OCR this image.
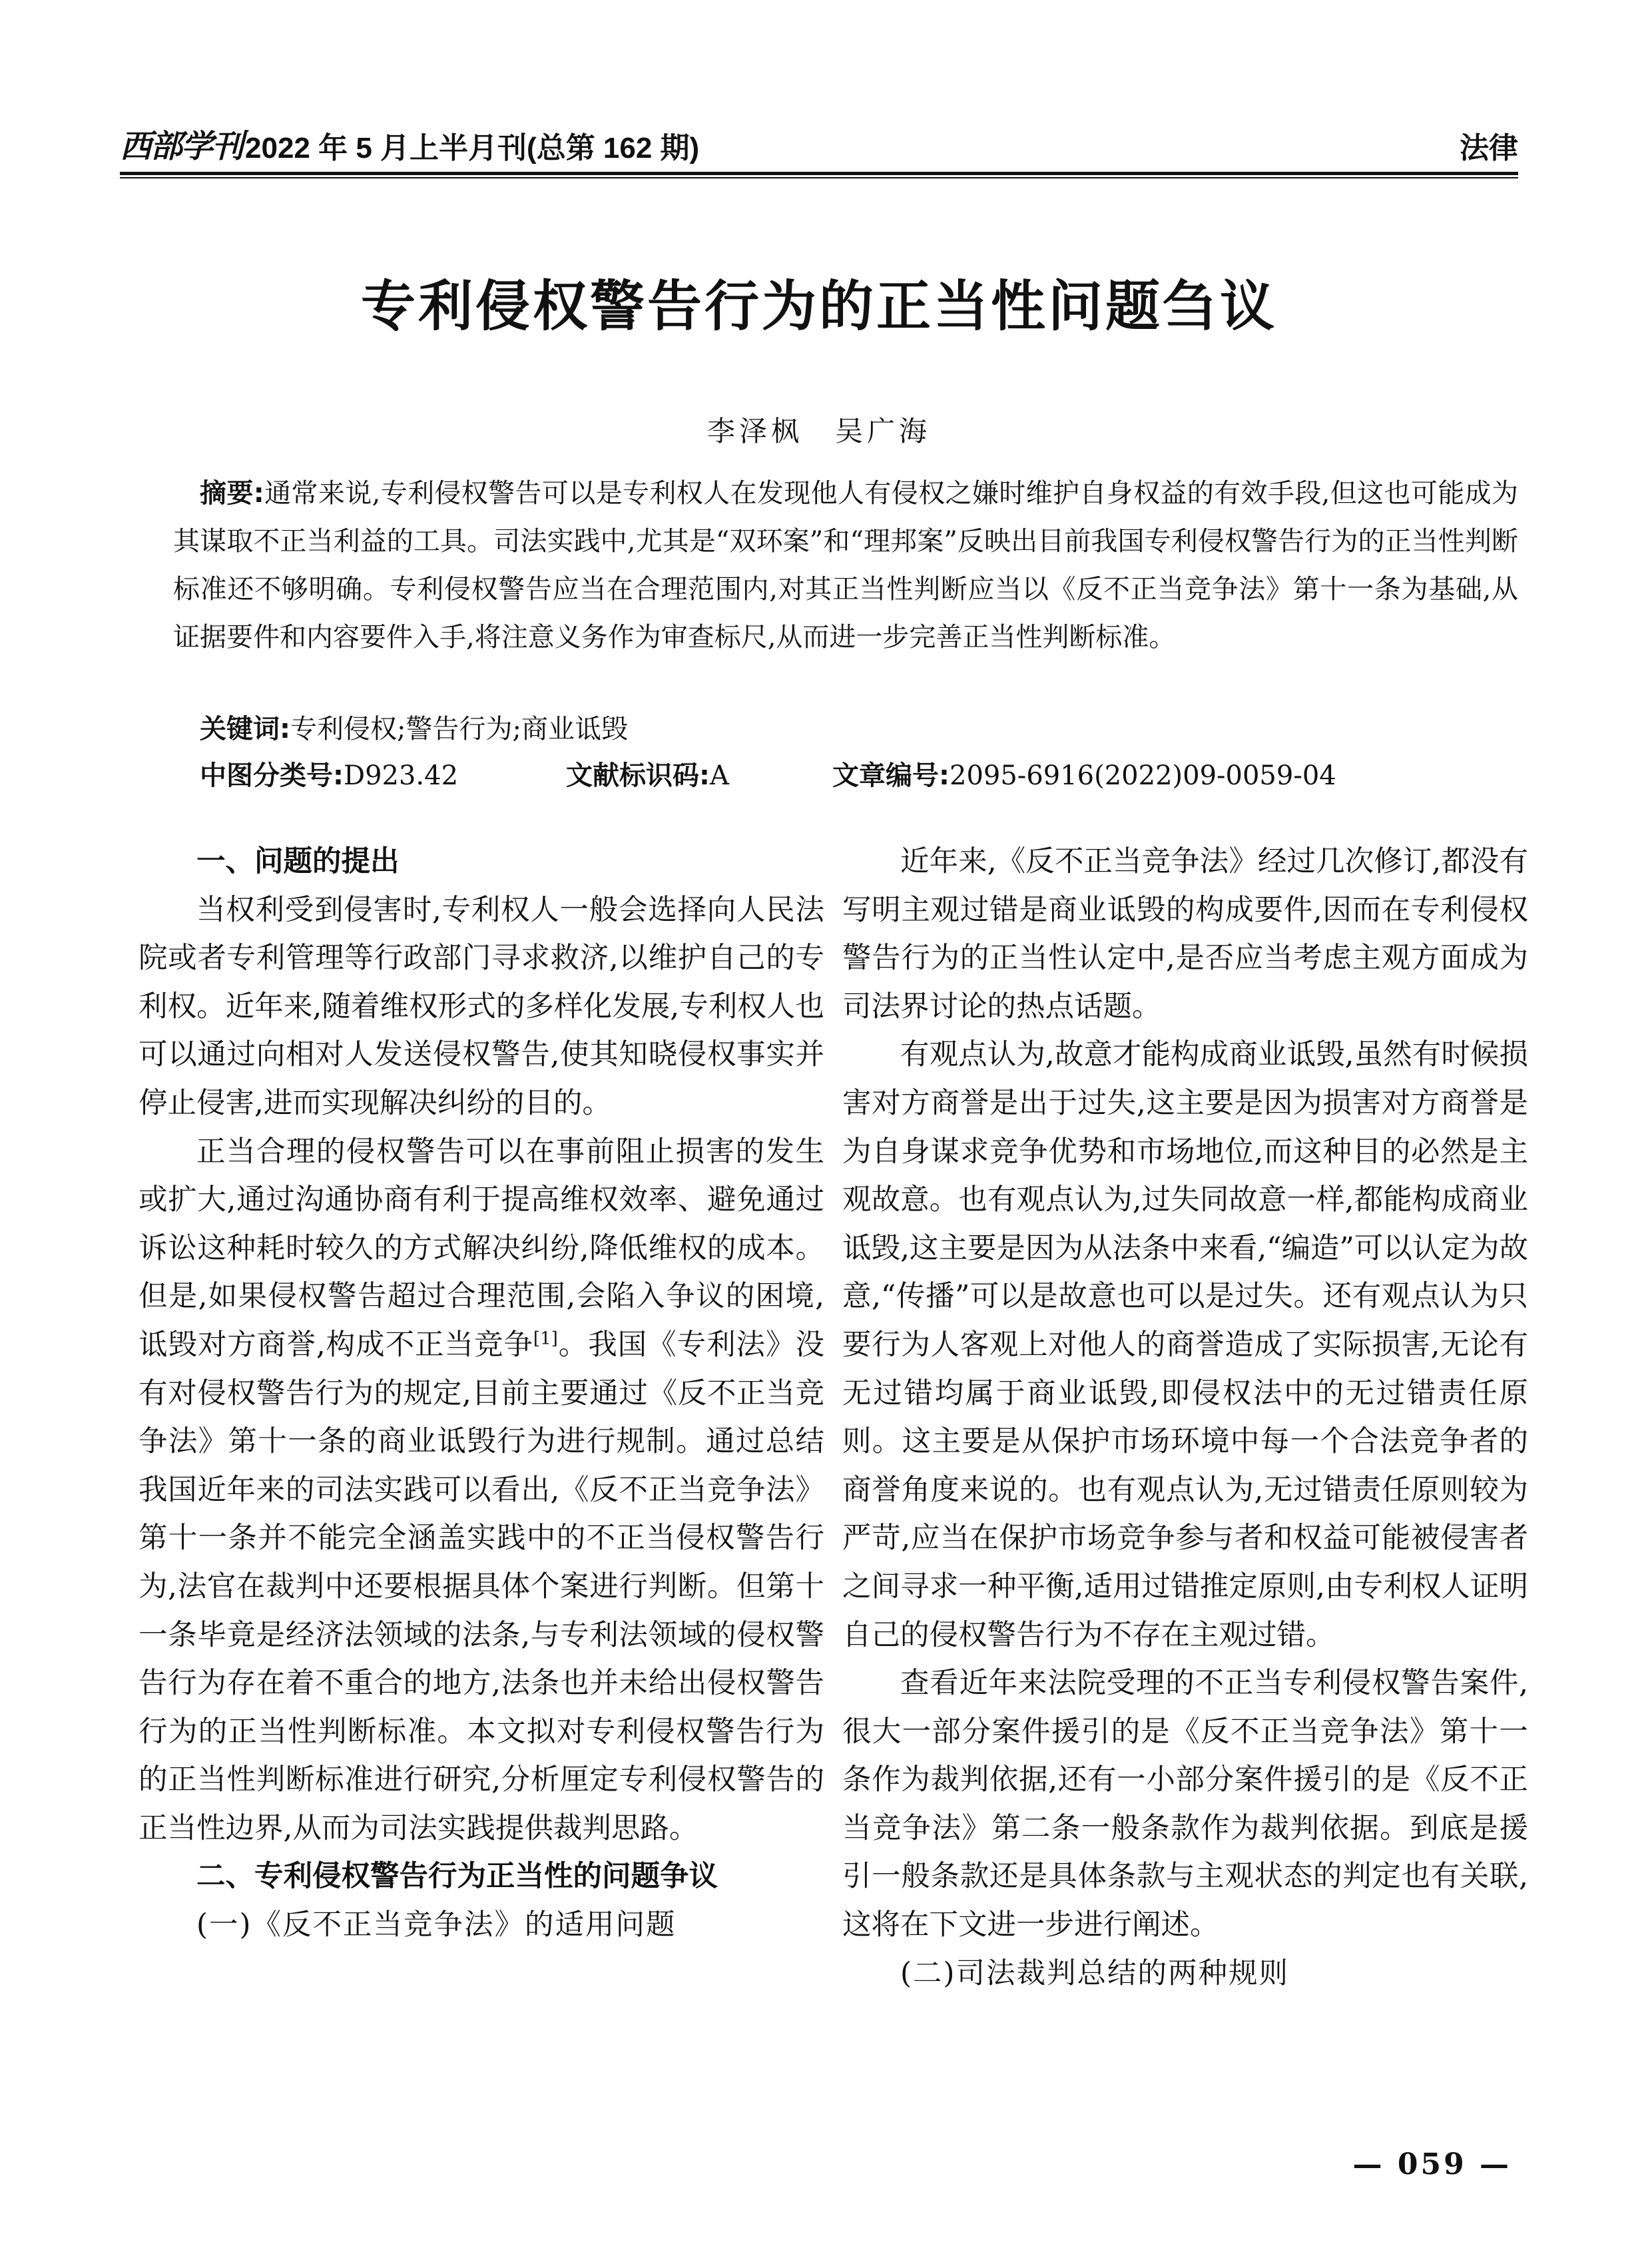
西部学刊 2022 年 5 月上半月刊(总第 162 期)	法律
专利侵权警告行为的正当性问题刍议
李泽枫　吴广海
摘要:通常来说,专利侵权警告可以是专利权人在发现他人有侵权之嫌时维护自身权益的有效手段,但这也可能成为其谋取不正当利益的工具。司法实践中,尤其是“双环案”和“理邦案”反映出目前我国专利侵权警告行为的正当性判断标准还不够明确。专利侵权警告应当在合理范围内,对其正当性判断应当以《反不正当竞争法》第十一条为基础,从证据要件和内容要件入手,将注意义务作为审查标尺,从而进一步完善正当性判断标准。
关键词:专利侵权;警告行为;商业诋毁
中图分类号:D923.42	文献标识码:A	文章编号:2095-6916(2022)09-0059-04

一、问题的提出

当权利受到侵害时,专利权人一般会选择向人民法院或者专利管理等行政部门寻求救济,以维护自己的专利权。近年来,随着维权形式的多样化发展,专利权人也可以通过向相对人发送侵权警告,使其知晓侵权事实并停止侵害,进而实现解决纠纷的目的。

正当合理的侵权警告可以在事前阻止损害的发生或扩大,通过沟通协商有利于提高维权效率、避免通过诉讼这种耗时较久的方式解决纠纷,降低维权的成本。但是,如果侵权警告超过合理范围,会陷入争议的困境,诋毁对方商誉,构成不正当竞争[1]。我国《专利法》没有对侵权警告行为的规定,目前主要通过《反不正当竞争法》第十一条的商业诋毁行为进行规制。通过总结我国近年来的司法实践可以看出,《反不正当竞争法》第十一条并不能完全涵盖实践中的不正当侵权警告行为,法官在裁判中还要根据具体个案进行判断。但第十一条毕竟是经济法领域的法条,与专利法领域的侵权警告行为存在着不重合的地方,法条也并未给出侵权警告行为的正当性判断标准。本文拟对专利侵权警告行为的正当性判断标准进行研究,分析厘定专利侵权警告的正当性边界,从而为司法实践提供裁判思路。

二、专利侵权警告行为正当性的问题争议

(一)《反不正当竞争法》的适用问题

近年来,《反不正当竞争法》经过几次修订,都没有写明主观过错是商业诋毁的构成要件,因而在专利侵权警告行为的正当性认定中,是否应当考虑主观方面成为司法界讨论的热点话题。

有观点认为,故意才能构成商业诋毁,虽然有时候损害对方商誉是出于过失,这主要是因为损害对方商誉是为自身谋求竞争优势和市场地位,而这种目的必然是主观故意。也有观点认为,过失同故意一样,都能构成商业诋毁,这主要是因为从法条中来看,“编造”可以认定为故意,“传播”可以是故意也可以是过失。还有观点认为只要行为人客观上对他人的商誉造成了实际损害,无论有无过错均属于商业诋毁,即侵权法中的无过错责任原则。这主要是从保护市场环境中每一个合法竞争者的商誉角度来说的。也有观点认为,无过错责任原则较为严苛,应当在保护市场竞争参与者和权益可能被侵害者之间寻求一种平衡,适用过错推定原则,由专利权人证明自己的侵权警告行为不存在主观过错。

查看近年来法院受理的不正当专利侵权警告案件,很大一部分案件援引的是《反不正当竞争法》第十一条作为裁判依据,还有一小部分案件援引的是《反不正当竞争法》第二条一般条款作为裁判依据。到底是援引一般条款还是具体条款与主观状态的判定也有关联,这将在下文进一步进行阐述。

(二)司法裁判总结的两种规则

— 059 —
